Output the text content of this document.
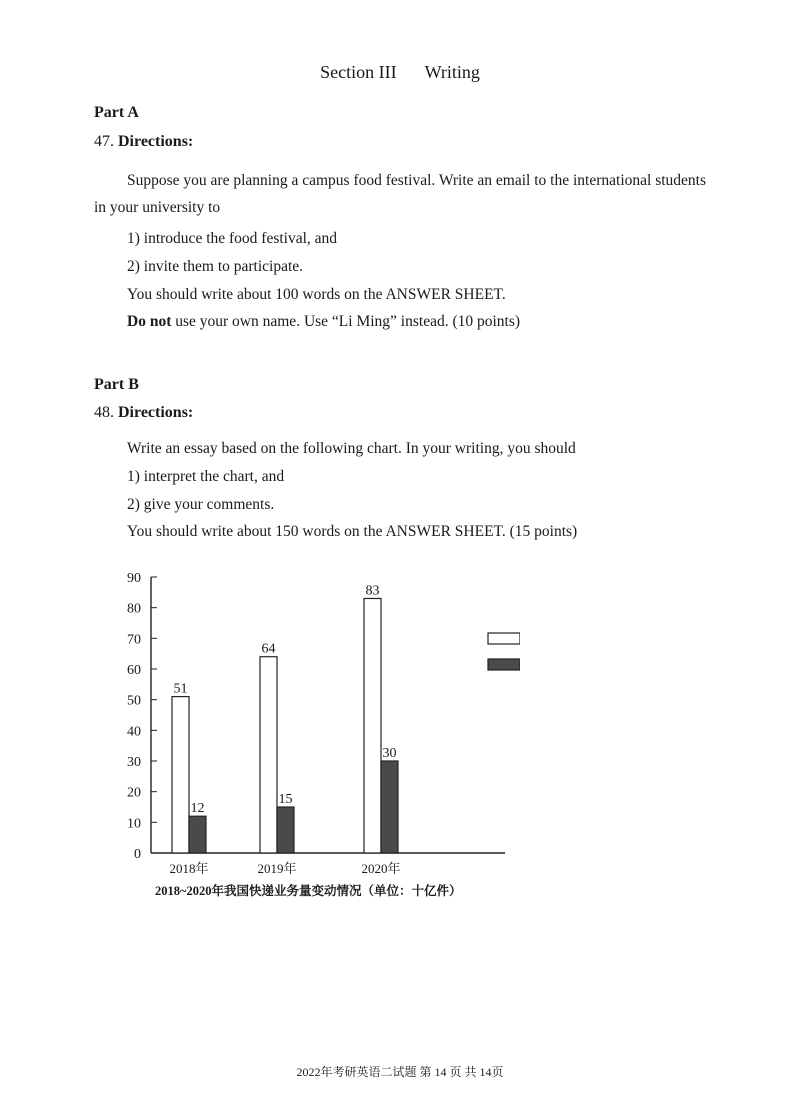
Section III Writing
Part A
47. Directions:
Suppose you are planning a campus food festival. Write an email to the international students in your university to
1) introduce the food festival, and
2) invite them to participate.
You should write about 100 words on the ANSWER SHEET.
Do not use your own name. Use “Li Ming” instead. (10 points)
Part B
48. Directions:
Write an essay based on the following chart. In your writing, you should
1) interpret the chart, and
2) give your comments.
You should write about 150 words on the ANSWER SHEET. (15 points)
0
10
20
30
40
50
60
70
80
90
51
12
2018年
64
15
2019年
83
30
2020年
2018~2020年我国快递业务量变动情况（单位：十亿件）
2022年考研英语二试题 第 14 页 共 14页
